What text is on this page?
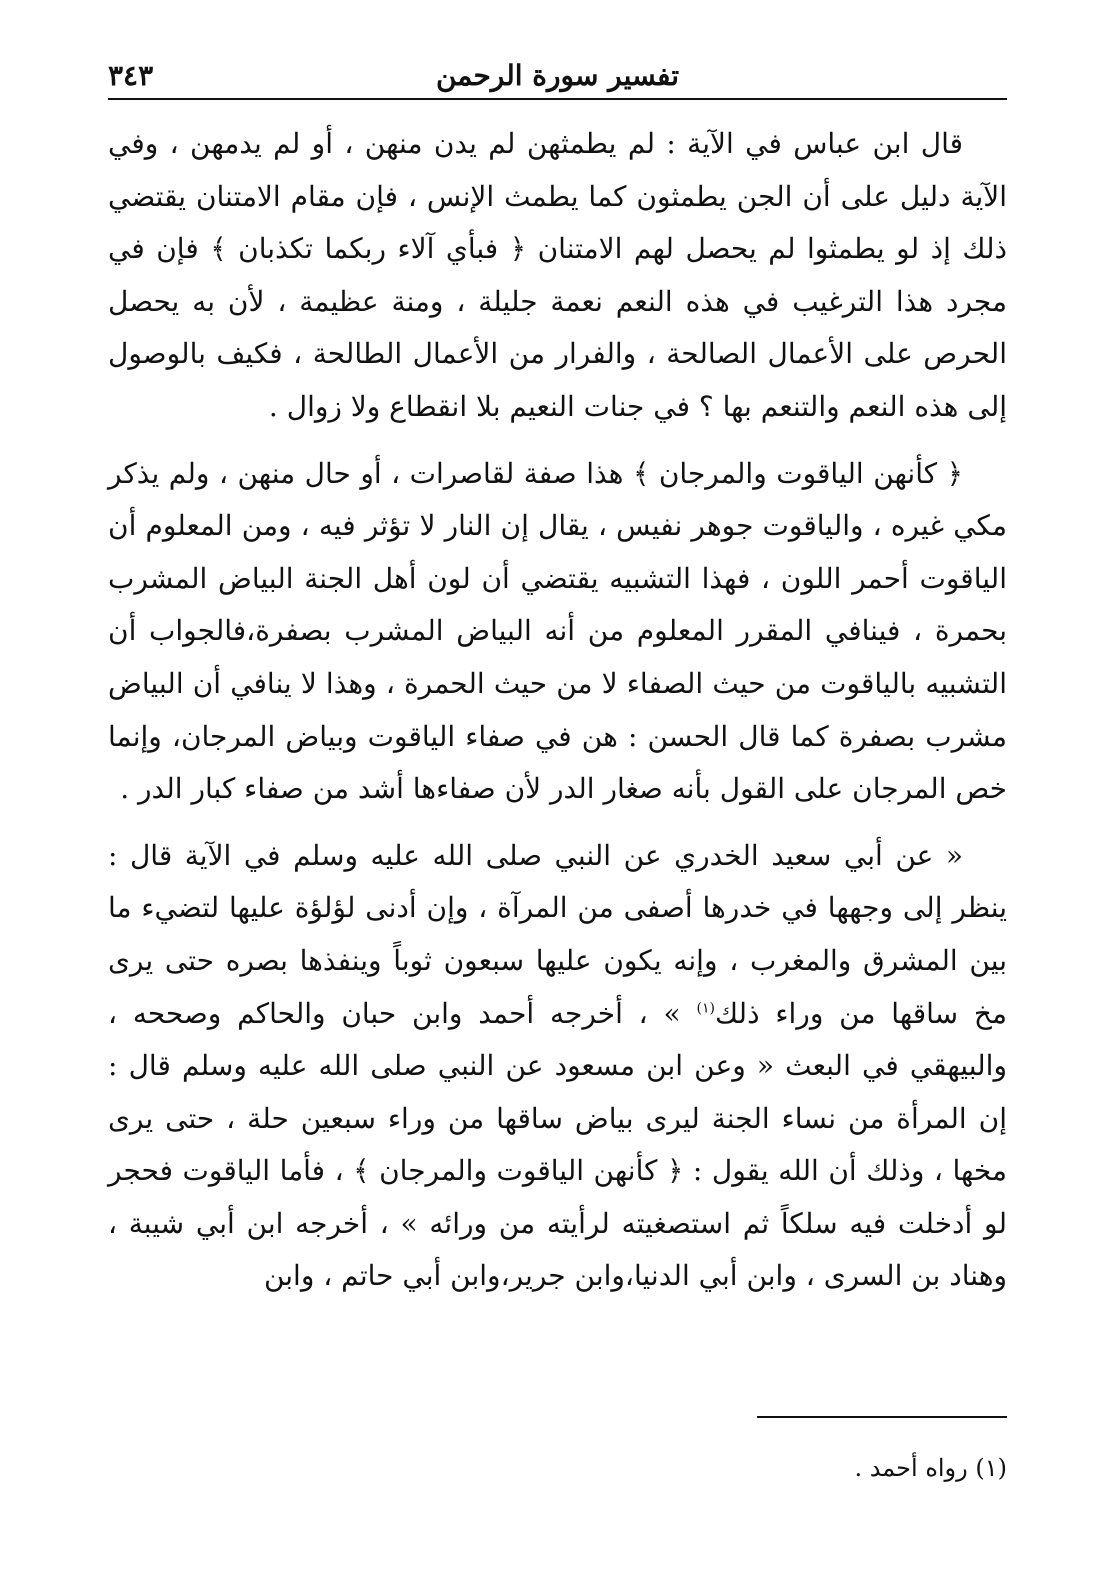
تفسير سورة الرحمن
٣٤٣

قال ابن عباس في الآية : لم يطمثهن لم يدن منهن ، أو لم يدمهن ، وفي الآية دليل على أن الجن يطمثون كما يطمث الإنس ، فإن مقام الامتنان يقتضي ذلك إذ لو يطمثوا لم يحصل لهم الامتنان ﴿ فبأي آلاء ربكما تكذبان ﴾ فإن في مجرد هذا الترغيب في هذه النعم نعمة جليلة ، ومنة عظيمة ، لأن به يحصل الحرص على الأعمال الصالحة ، والفرار من الأعمال الطالحة ، فكيف بالوصول إلى هذه النعم والتنعم بها ؟ في جنات النعيم بلا انقطاع ولا زوال .

﴿ كأنهن الياقوت والمرجان ﴾ هذا صفة لقاصرات ، أو حال منهن ، ولم يذكر مكي غيره ، والياقوت جوهر نفيس ، يقال إن النار لا تؤثر فيه ، ومن المعلوم أن الياقوت أحمر اللون ، فهذا التشبيه يقتضي أن لون أهل الجنة البياض المشرب بحمرة ، فينافي المقرر المعلوم من أنه البياض المشرب بصفرة،فالجواب أن التشبيه بالياقوت من حيث الصفاء لا من حيث الحمرة ، وهذا لا ينافي أن البياض مشرب بصفرة كما قال الحسن : هن في صفاء الياقوت وبياض المرجان، وإنما خص المرجان على القول بأنه صغار الدر لأن صفاءها أشد من صفاء كبار الدر .

« عن أبي سعيد الخدري عن النبي صلى الله عليه وسلم في الآية قال : ينظر إلى وجهها في خدرها أصفى من المرآة ، وإن أدنى لؤلؤة عليها لتضيء ما بين المشرق والمغرب ، وإنه يكون عليها سبعون ثوباً وينفذها بصره حتى يرى مخ ساقها من وراء ذلك$^{(١)}$ » ، أخرجه أحمد وابن حبان والحاكم وصححه ، والبيهقي في البعث « وعن ابن مسعود عن النبي صلى الله عليه وسلم قال : إن المرأة من نساء الجنة ليرى بياض ساقها من وراء سبعين حلة ، حتى يرى مخها ، وذلك أن الله يقول : ﴿ كأنهن الياقوت والمرجان ﴾ ، فأما الياقوت فحجر لو أدخلت فيه سلكاً ثم استصغيته لرأيته من ورائه » ، أخرجه ابن أبي شيبة ، وهناد بن السرى ، وابن أبي الدنيا،وابن جرير،وابن أبي حاتم ، وابن

(١) رواه أحمد .
